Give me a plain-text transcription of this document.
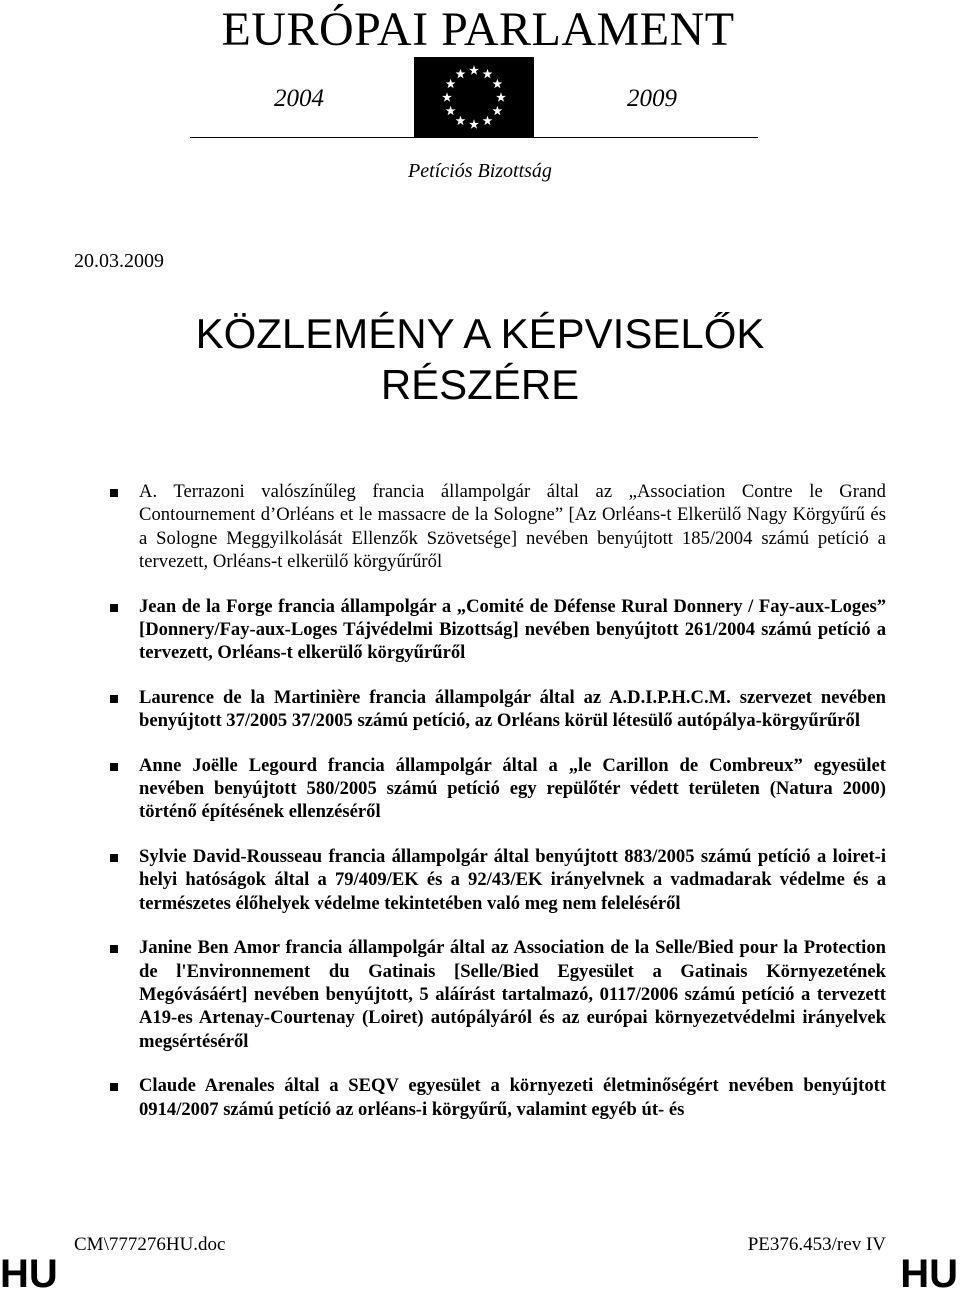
EURÓPAI PARLAMENT
2004	2009
Petíciós Bizottság
20.03.2009
KÖZLEMÉNY A KÉPVISELŐK
RÉSZÉRE
A. Terrazoni valószínűleg francia állampolgár által az „Association Contre le Grand Contournement d’Orléans et le massacre de la Sologne” [Az Orléans-t Elkerülő Nagy Körgyűrű és a Sologne Meggyilkolását Ellenzők Szövetsége] nevében benyújtott 185/2004 számú petíció a tervezett, Orléans-t elkerülő körgyűrűről
Jean de la Forge francia állampolgár a „Comité de Défense Rural Donnery / Fay-aux-Loges” [Donnery/Fay-aux-Loges Tájvédelmi Bizottság] nevében benyújtott 261/2004 számú petíció a tervezett, Orléans-t elkerülő körgyűrűről
Laurence de la Martinière francia állampolgár által az A.D.I.P.H.C.M. szervezet nevében benyújtott 37/2005 37/2005 számú petíció, az Orléans körül létesülő autópálya-körgyűrűről
Anne Joëlle Legourd francia állampolgár által a „le Carillon de Combreux” egyesület nevében benyújtott 580/2005 számú petíció egy repülőtér védett területen (Natura 2000) történő építésének ellenzéséről
Sylvie David-Rousseau francia állampolgár által benyújtott 883/2005 számú petíció a loiret-i helyi hatóságok által a 79/409/EK és a 92/43/EK irányelvnek a vadmadarak védelme és a természetes élőhelyek védelme tekintetében való meg nem feleléséről
Janine Ben Amor francia állampolgár által az Association de la Selle/Bied pour la Protection de l'Environnement du Gatinais [Selle/Bied Egyesület a Gatinais Környezetének Megóvásáért] nevében benyújtott, 5 aláírást tartalmazó, 0117/2006 számú petíció a tervezett A19-es Artenay-Courtenay (Loiret) autópályáról és az európai környezetvédelmi irányelvek megsértéséről
Claude Arenales által a SEQV egyesület a környezeti életminőségért nevében benyújtott 0914/2007 számú petíció az orléans-i körgyűrű, valamint egyéb út- és
CM\777276HU.doc	PE376.453/rev IV
HU	HU
